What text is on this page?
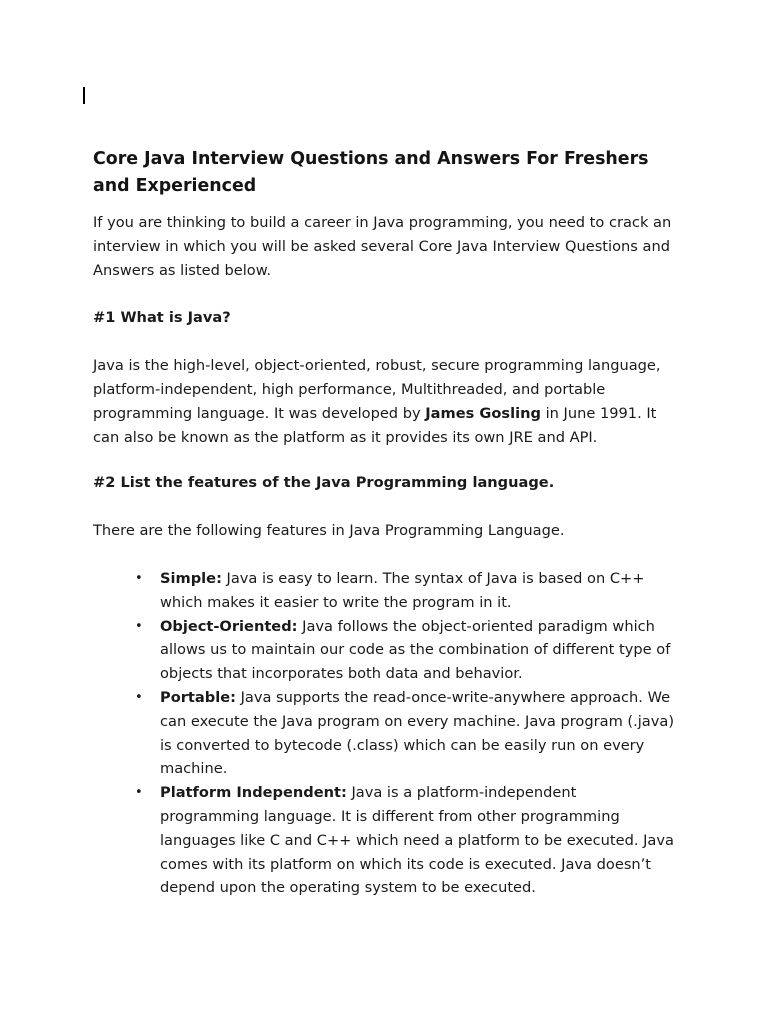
Core Java Interview Questions and Answers For Freshers and Experienced

If you are thinking to build a career in Java programming, you need to crack an interview in which you will be asked several Core Java Interview Questions and Answers as listed below.

#1 What is Java?

Java is the high-level, object-oriented, robust, secure programming language, platform-independent, high performance, Multithreaded, and portable programming language. It was developed by James Gosling in June 1991. It can also be known as the platform as it provides its own JRE and API.

#2 List the features of the Java Programming language.

There are the following features in Java Programming Language.

• Simple: Java is easy to learn. The syntax of Java is based on C++ which makes it easier to write the program in it.
• Object-Oriented: Java follows the object-oriented paradigm which allows us to maintain our code as the combination of different type of objects that incorporates both data and behavior.
• Portable: Java supports the read-once-write-anywhere approach. We can execute the Java program on every machine. Java program (.java) is converted to bytecode (.class) which can be easily run on every machine.
• Platform Independent: Java is a platform-independent programming language. It is different from other programming languages like C and C++ which need a platform to be executed. Java comes with its platform on which its code is executed. Java doesn’t depend upon the operating system to be executed.
